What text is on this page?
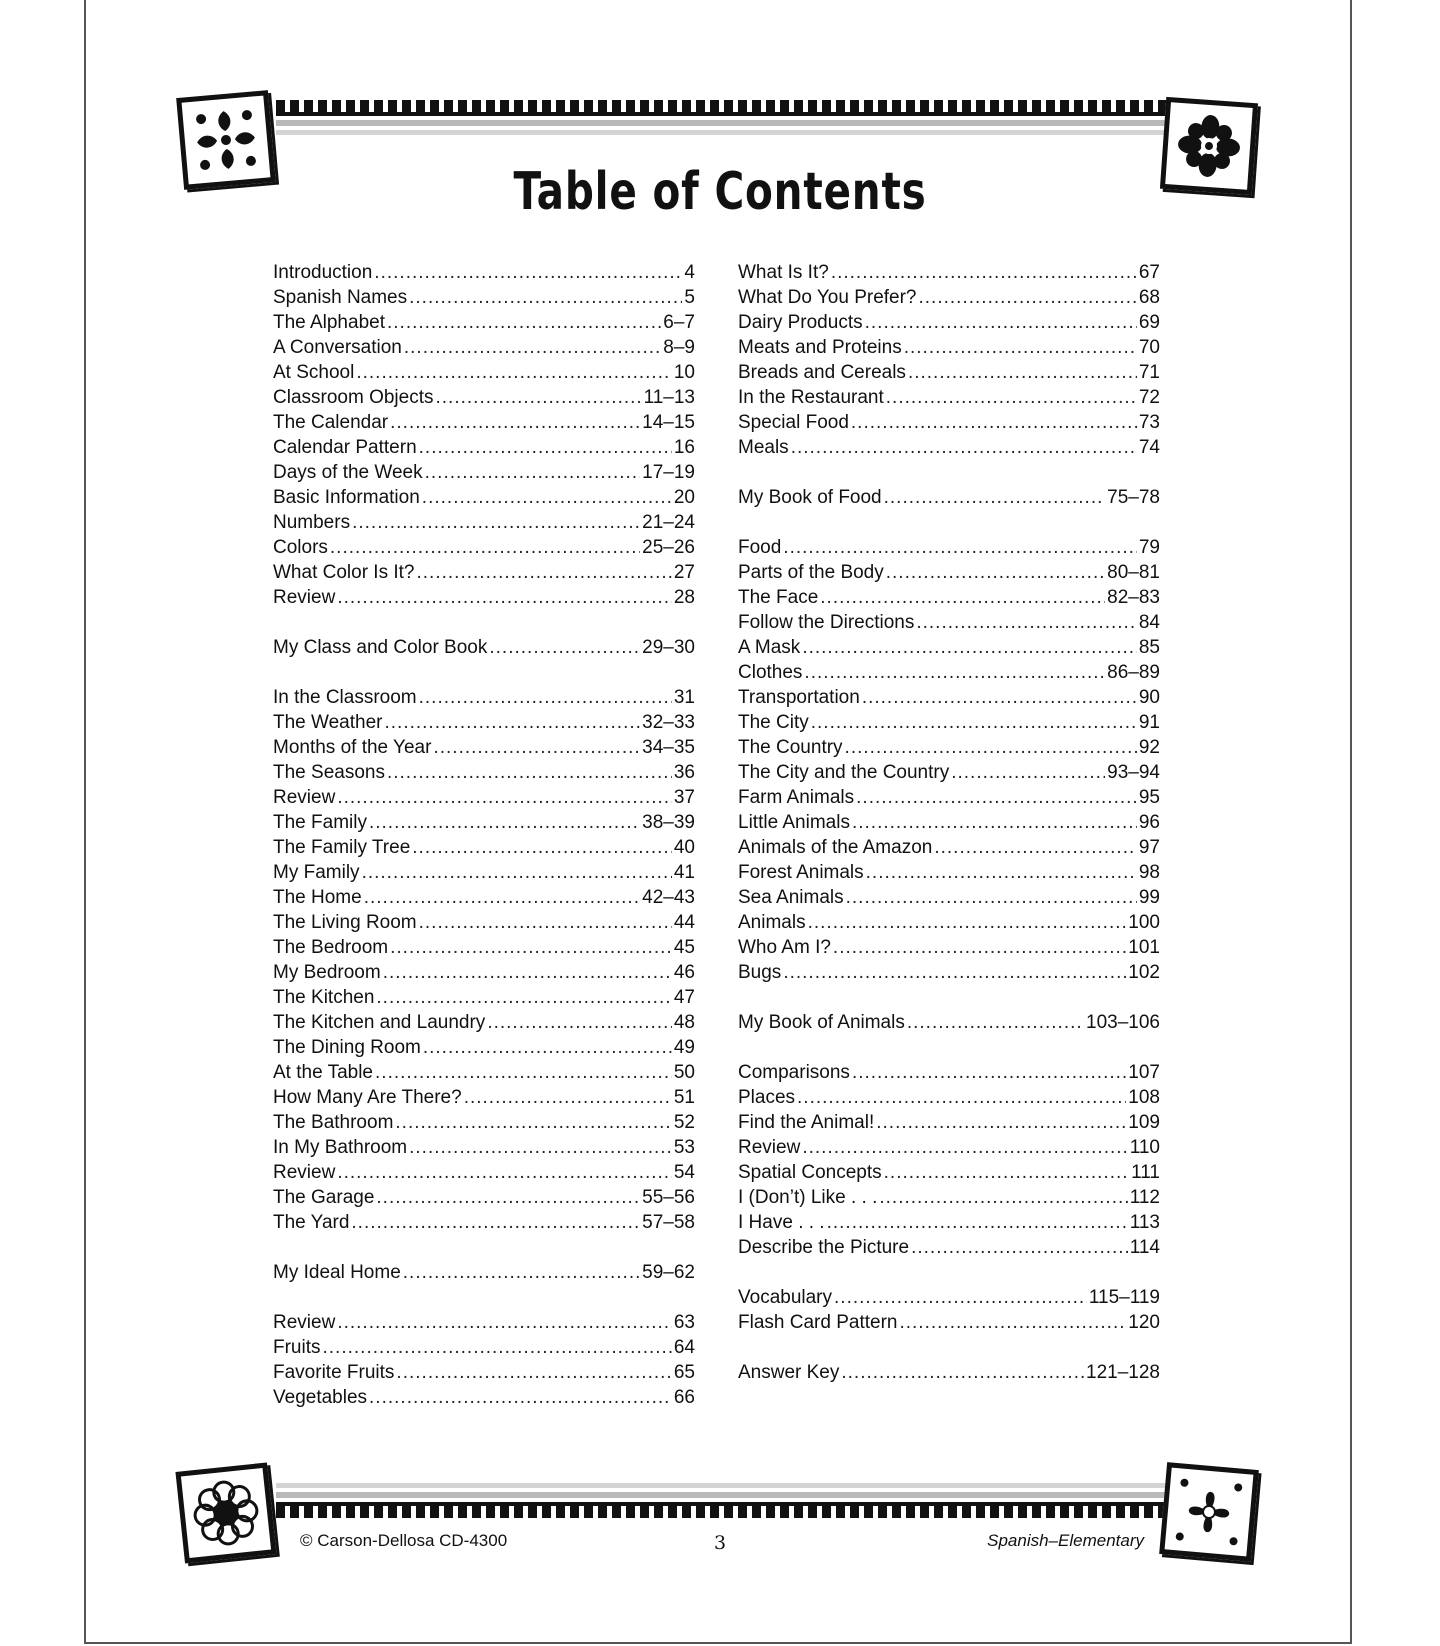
Table of Contents
Introduction .....	4
Spanish Names .....	5
The Alphabet .....	6–7
A Conversation .....	8–9
At School .....	10
Classroom Objects .....	11–13
The Calendar .....	14–15
Calendar Pattern .....	16
Days of the Week .....	17–19
Basic Information .....	20
Numbers .....	21–24
Colors .....	25–26
What Color Is It? .....	27
Review .....	28
My Class and Color Book .....	29–30
In the Classroom .....	31
The Weather .....	32–33
Months of the Year .....	34–35
The Seasons .....	36
Review .....	37
The Family .....	38–39
The Family Tree .....	40
My Family .....	41
The Home .....	42–43
The Living Room .....	44
The Bedroom .....	45
My Bedroom .....	46
The Kitchen .....	47
The Kitchen and Laundry .....	48
The Dining Room .....	49
At the Table .....	50
How Many Are There? .....	51
The Bathroom .....	52
In My Bathroom .....	53
Review .....	54
The Garage .....	55–56
The Yard .....	57–58
My Ideal Home .....	59–62
Review .....	63
Fruits .....	64
Favorite Fruits .....	65
Vegetables .....	66
What Is It? .....	67
What Do You Prefer? .....	68
Dairy Products .....	69
Meats and Proteins .....	70
Breads and Cereals .....	71
In the Restaurant .....	72
Special Food .....	73
Meals .....	74
My Book of Food .....	75–78
Food .....	79
Parts of the Body .....	80–81
The Face .....	82–83
Follow the Directions .....	84
A Mask .....	85
Clothes .....	86–89
Transportation .....	90
The City .....	91
The Country .....	92
The City and the Country .....	93–94
Farm Animals .....	95
Little Animals .....	96
Animals of the Amazon .....	97
Forest Animals .....	98
Sea Animals .....	99
Animals .....	100
Who Am I? .....	101
Bugs .....	102
My Book of Animals .....	103–106
Comparisons .....	107
Places .....	108
Find the Animal! .....	109
Review .....	110
Spatial Concepts .....	111
I (Don’t) Like . . . .....	112
I Have . . . .....	113
Describe the Picture .....	114
Vocabulary .....	115–119
Flash Card Pattern .....	120
Answer Key .....	121–128
© Carson-Dellosa CD-4300	3	Spanish–Elementary
